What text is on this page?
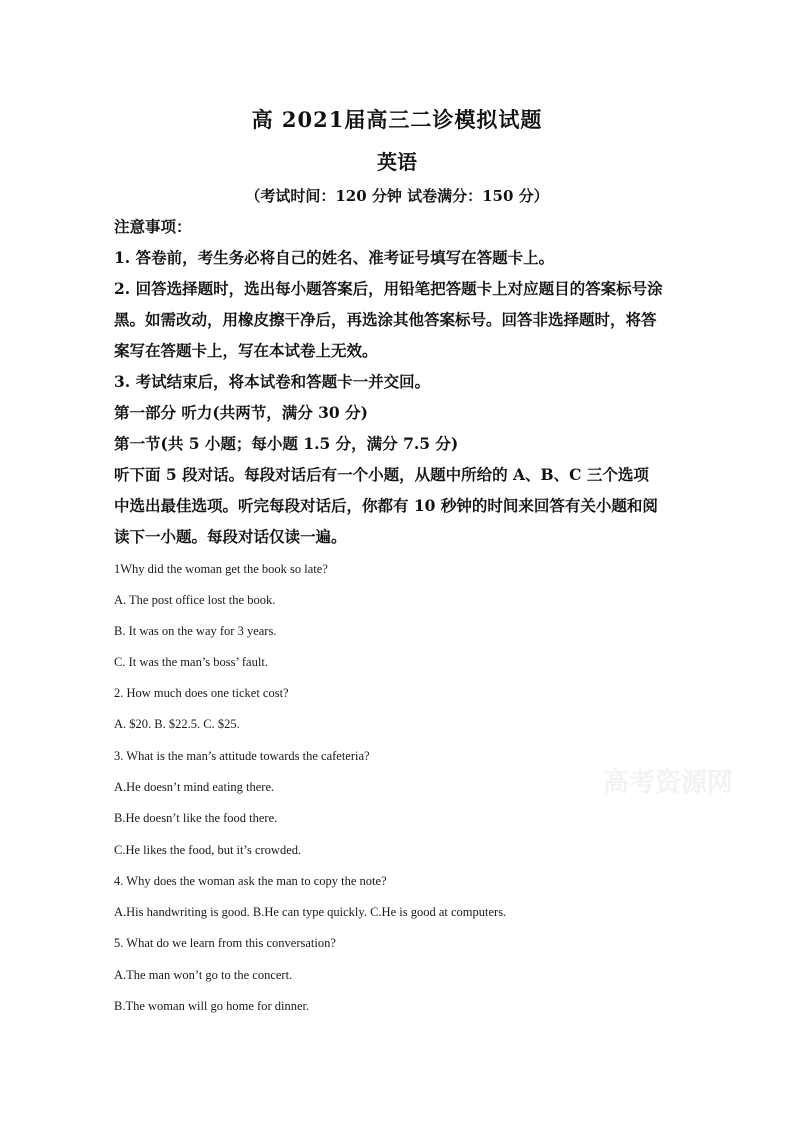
高 2021届高三二诊模拟试题
英语
（考试时间：120 分钟 试卷满分：150 分）
注意事项：
1. 答卷前，考生务必将自己的姓名、准考证号填写在答题卡上。
2. 回答选择题时，选出每小题答案后，用铅笔把答题卡上对应题目的答案标号涂
黑。如需改动，用橡皮擦干净后，再选涂其他答案标号。回答非选择题时，将答
案写在答题卡上，写在本试卷上无效。
3. 考试结束后，将本试卷和答题卡一并交回。
第一部分 听力(共两节，满分 30 分)
第一节(共 5 小题；每小题 1.5 分，满分 7.5 分)
听下面 5 段对话。每段对话后有一个小题，从题中所给的 A、B、C 三个选项
中选出最佳选项。听完每段对话后，你都有 10 秒钟的时间来回答有关小题和阅
读下一小题。每段对话仅读一遍。
1Why did the woman get the book so late?
A. The post office lost the book.
B. It was on the way for 3 years.
C. It was the man’s boss’ fault.
2. How much does one ticket cost?
A. $20. B. $22.5. C. $25.
3. What is the man’s attitude towards the cafeteria?
A.He doesn’t mind eating there.
B.He doesn’t like the food there.
C.He likes the food, but it’s crowded.
4. Why does the woman ask the man to copy the note?
A.His handwriting is good. B.He can type quickly. C.He is good at computers.
5. What do we learn from this conversation?
A.The man won’t go to the concert.
B.The woman will go home for dinner.
高考资源网
